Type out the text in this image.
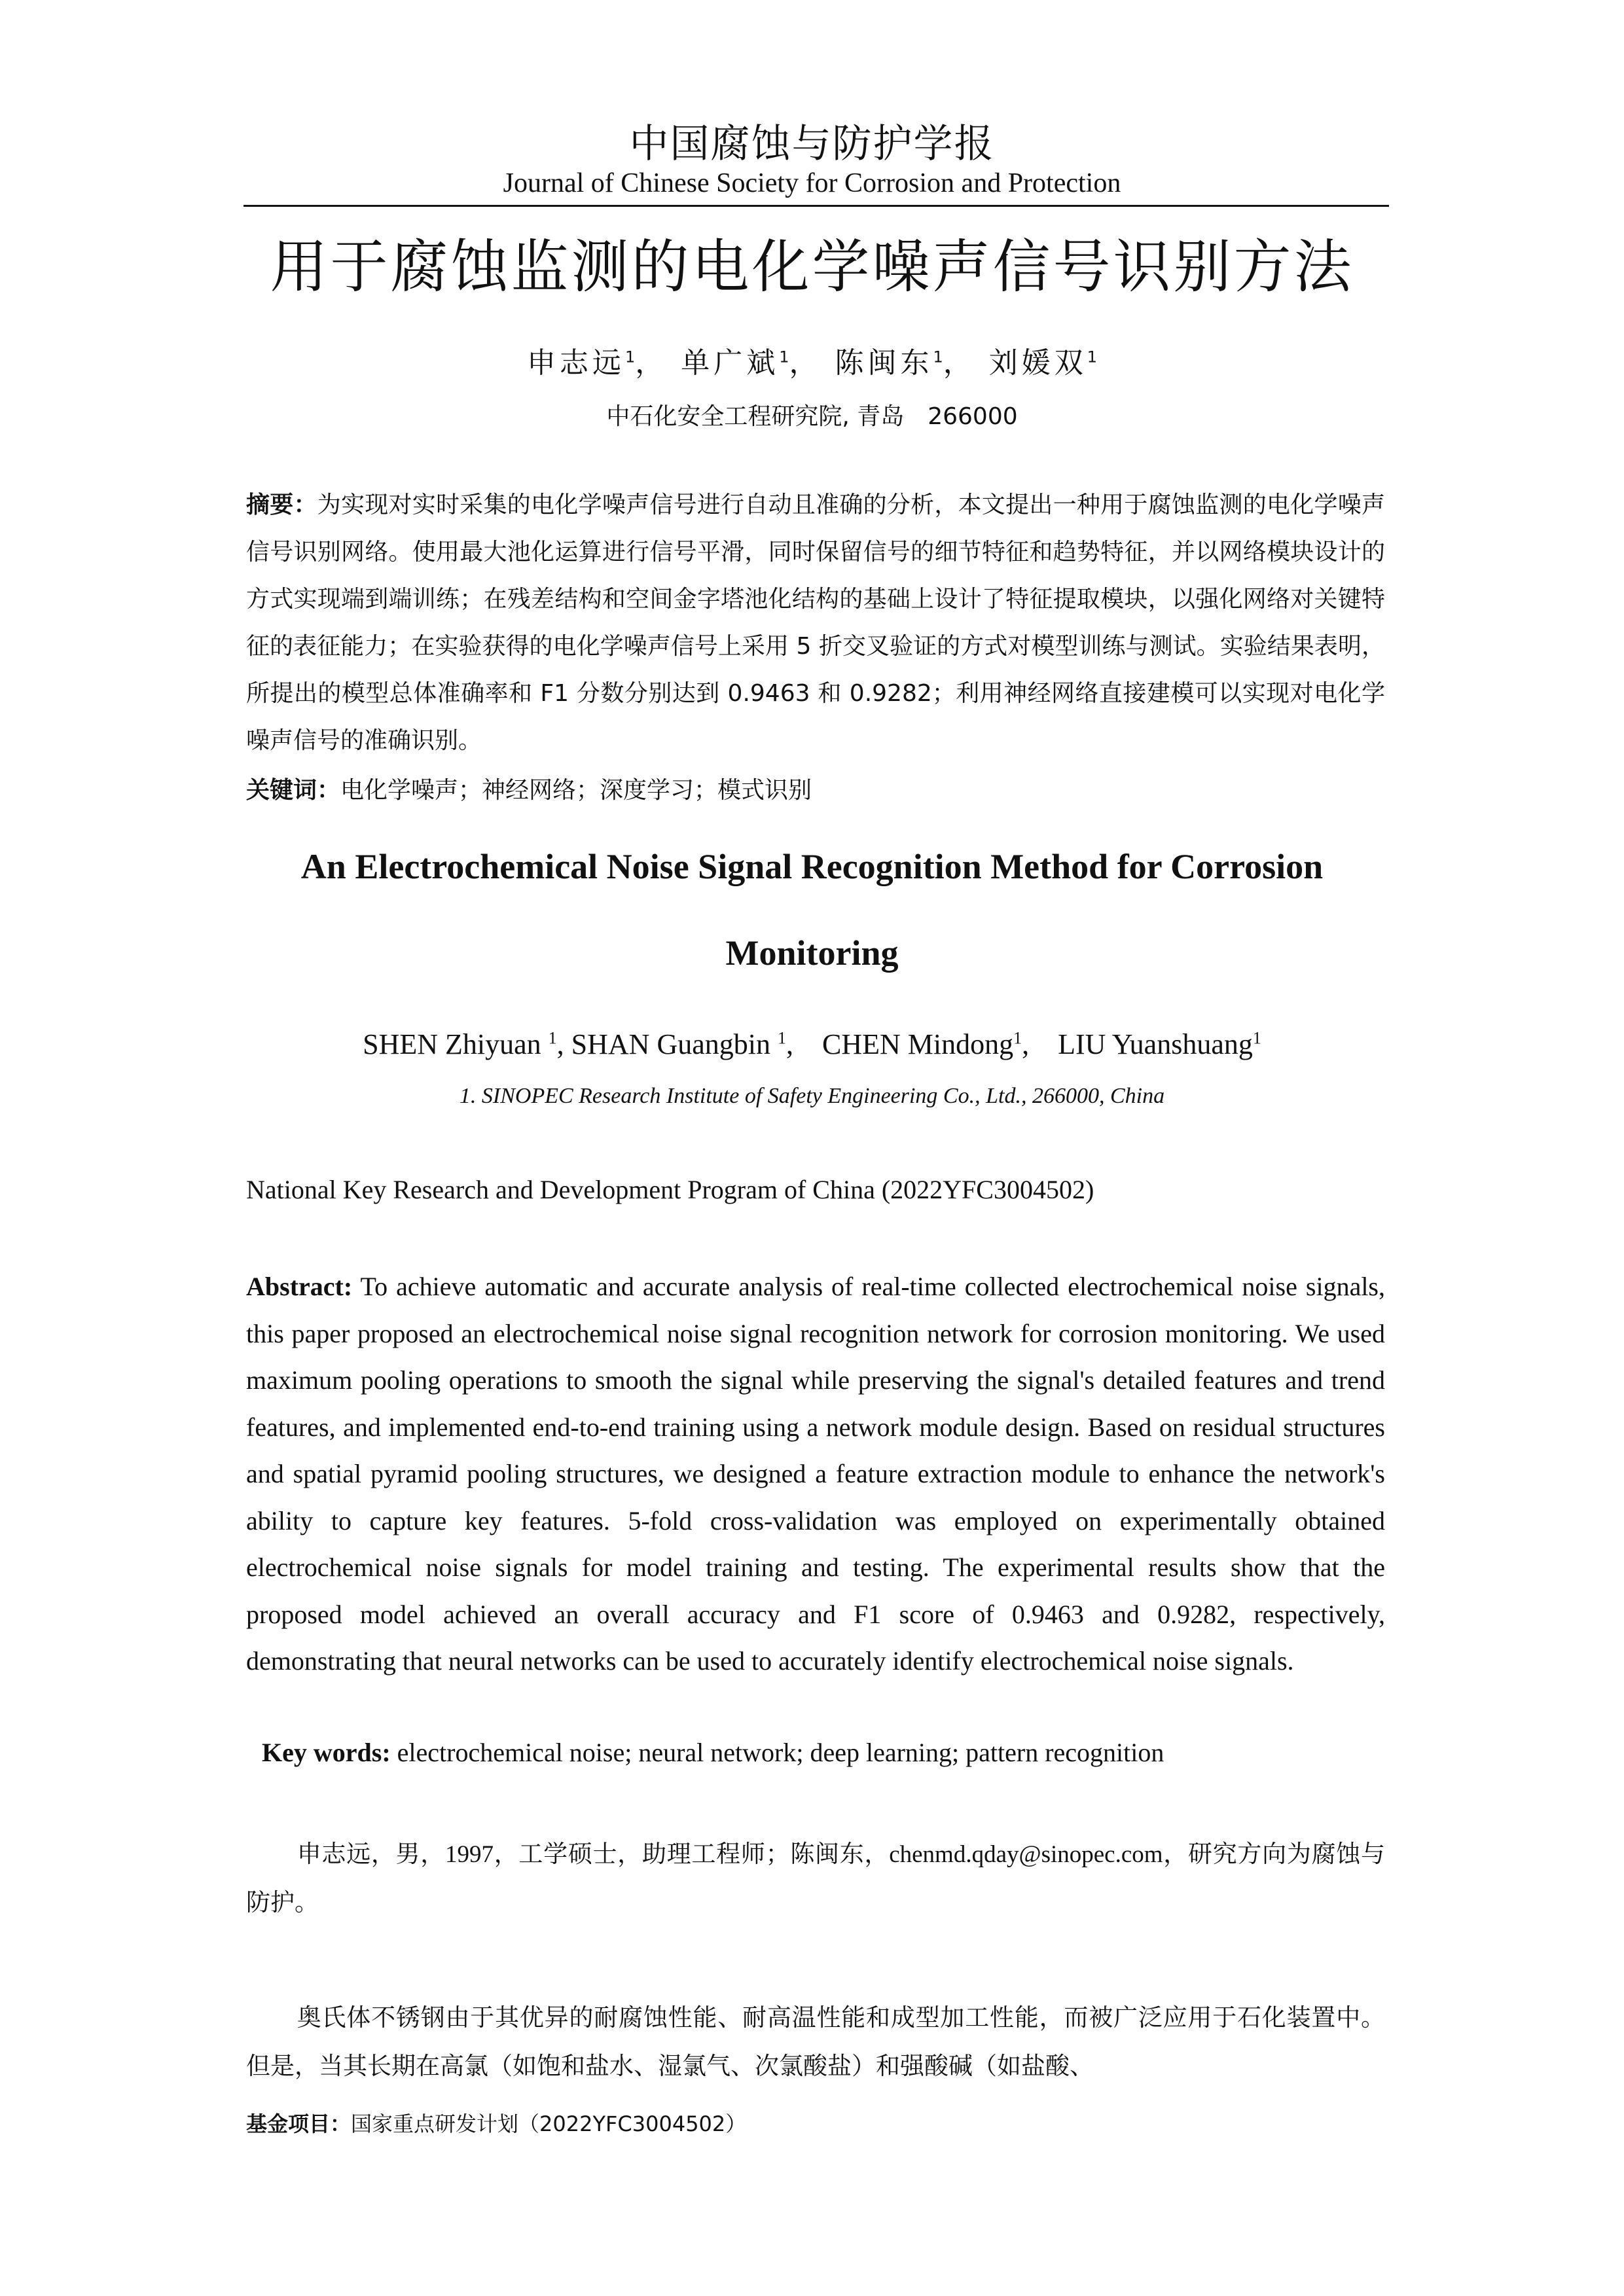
中国腐蚀与防护学报
Journal of Chinese Society for Corrosion and Protection
用于腐蚀监测的电化学噪声信号识别方法
申志远$^1$， 单广斌$^1$， 陈闽东$^1$， 刘媛双$^1$
中石化安全工程研究院, 青岛　266000
摘要：为实现对实时采集的电化学噪声信号进行自动且准确的分析，本文提出一种用于腐蚀监测的电化学噪声信号识别网络。使用最大池化运算进行信号平滑，同时保留信号的细节特征和趋势特征，并以网络模块设计的方式实现端到端训练；在残差结构和空间金字塔池化结构的基础上设计了特征提取模块，以强化网络对关键特征的表征能力；在实验获得的电化学噪声信号上采用 5 折交叉验证的方式对模型训练与测试。实验结果表明，所提出的模型总体准确率和 F1 分数分别达到 0.9463 和 0.9282；利用神经网络直接建模可以实现对电化学噪声信号的准确识别。
关键词：电化学噪声；神经网络；深度学习；模式识别
An Electrochemical Noise Signal Recognition Method for Corrosion Monitoring
SHEN Zhiyuan $^1$, SHAN Guangbin $^1$,    CHEN Mindong$^1$,    LIU Yuanshuang$^1$
1. SINOPEC Research Institute of Safety Engineering Co., Ltd., 266000, China
National Key Research and Development Program of China (2022YFC3004502)
Abstract: To achieve automatic and accurate analysis of real-time collected electrochemical noise signals, this paper proposed an electrochemical noise signal recognition network for corrosion monitoring. We used maximum pooling operations to smooth the signal while preserving the signal's detailed features and trend features, and implemented end-to-end training using a network module design. Based on residual structures and spatial pyramid pooling structures, we designed a feature extraction module to enhance the network's ability to capture key features. 5-fold cross-validation was employed on experimentally obtained electrochemical noise signals for model training and testing. The experimental results show that the proposed model achieved an overall accuracy and F1 score of 0.9463 and 0.9282, respectively, demonstrating that neural networks can be used to accurately identify electrochemical noise signals.
Key words: electrochemical noise; neural network; deep learning; pattern recognition
申志远，男，1997，工学硕士，助理工程师；陈闽东，chenmd.qday@sinopec.com，研究方向为腐蚀与防护。
奥氏体不锈钢由于其优异的耐腐蚀性能、耐高温性能和成型加工性能，而被广泛应用于石化装置中。但是，当其长期在高氯（如饱和盐水、湿氯气、次氯酸盐）和强酸碱（如盐酸、
基金项目：国家重点研发计划（2022YFC3004502）
